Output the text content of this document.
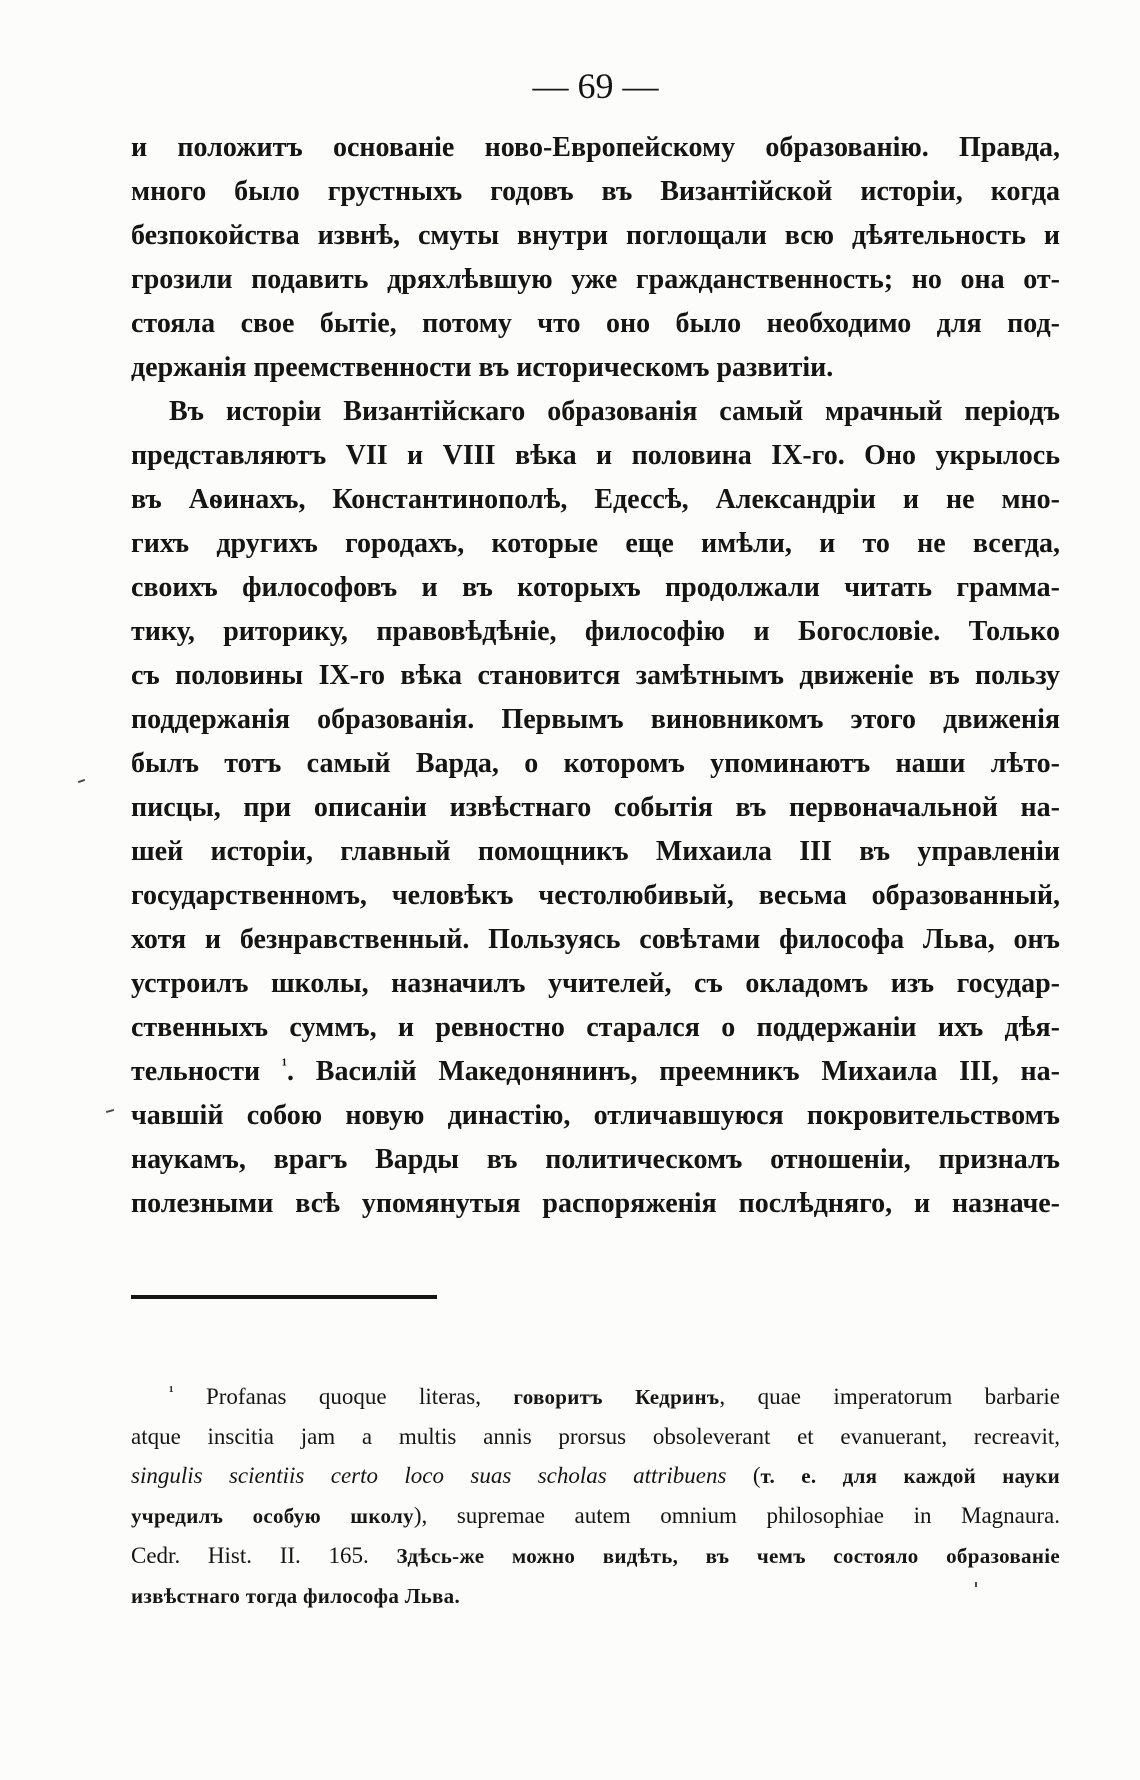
— 69 —
и положитъ основаніе ново-Европейскому образованію. Правда,
много было грустныхъ годовъ въ Византійской исторіи, когда
безпокойства извнѣ, смуты внутри поглощали всю дѣятельность и
грозили подавить дряхлѣвшую уже гражданственность; но она от-
стояла свое бытіе, потому что оно было необходимо для под-
держанія преемственности въ историческомъ развитіи.
Въ исторіи Византійскаго образованія самый мрачный періодъ
представляютъ VII и VIII вѣка и половина IX-го. Оно укрылось
въ Аѳинахъ, Константинополѣ, Едессѣ, Александріи и не мно-
гихъ другихъ городахъ, которые еще имѣли, и то не всегда,
своихъ философовъ и въ которыхъ продолжали читать грамма-
тику, риторику, правовѣдѣніе, философію и Богословіе. Только
съ половины IX-го вѣка становится замѣтнымъ движеніе въ пользу
поддержанія образованія. Первымъ виновникомъ этого движенія
былъ тотъ самый Варда, о которомъ упоминаютъ наши лѣто-
писцы, при описаніи извѣстнаго событія въ первоначальной на-
шей исторіи, главный помощникъ Михаила III въ управленіи
государственномъ, человѣкъ честолюбивый, весьма образованный,
хотя и безнравственный. Пользуясь совѣтами философа Льва, онъ
устроилъ школы, назначилъ учителей, съ окладомъ изъ государ-
ственныхъ суммъ, и ревностно старался о поддержаніи ихъ дѣя-
тельности $^{^1}$. Василій Македонянинъ, преемникъ Михаила III, на-
чавшій собою новую династію, отличавшуюся покровительствомъ
наукамъ, врагъ Варды въ политическомъ отношеніи, призналъ
полезными всѣ упомянутыя распоряженія послѣдняго, и назначе-
$^{^1}$ Profanas quoque literas, говоритъ Кедринъ, quae imperatorum barbarie
atque inscitia jam a multis annis prorsus obsoleverant et evanuerant, recreavit,
singulis scientiis certo loco suas scholas attribuens (т. е. для каждой науки
учредилъ особую школу), supremae autem omnium philosophiae in Magnaura.
Cedr. Hist. II. 165. Здѣсь-же можно видѣть, въ чемъ состояло образованіе
извѣстнаго тогда философа Льва.
